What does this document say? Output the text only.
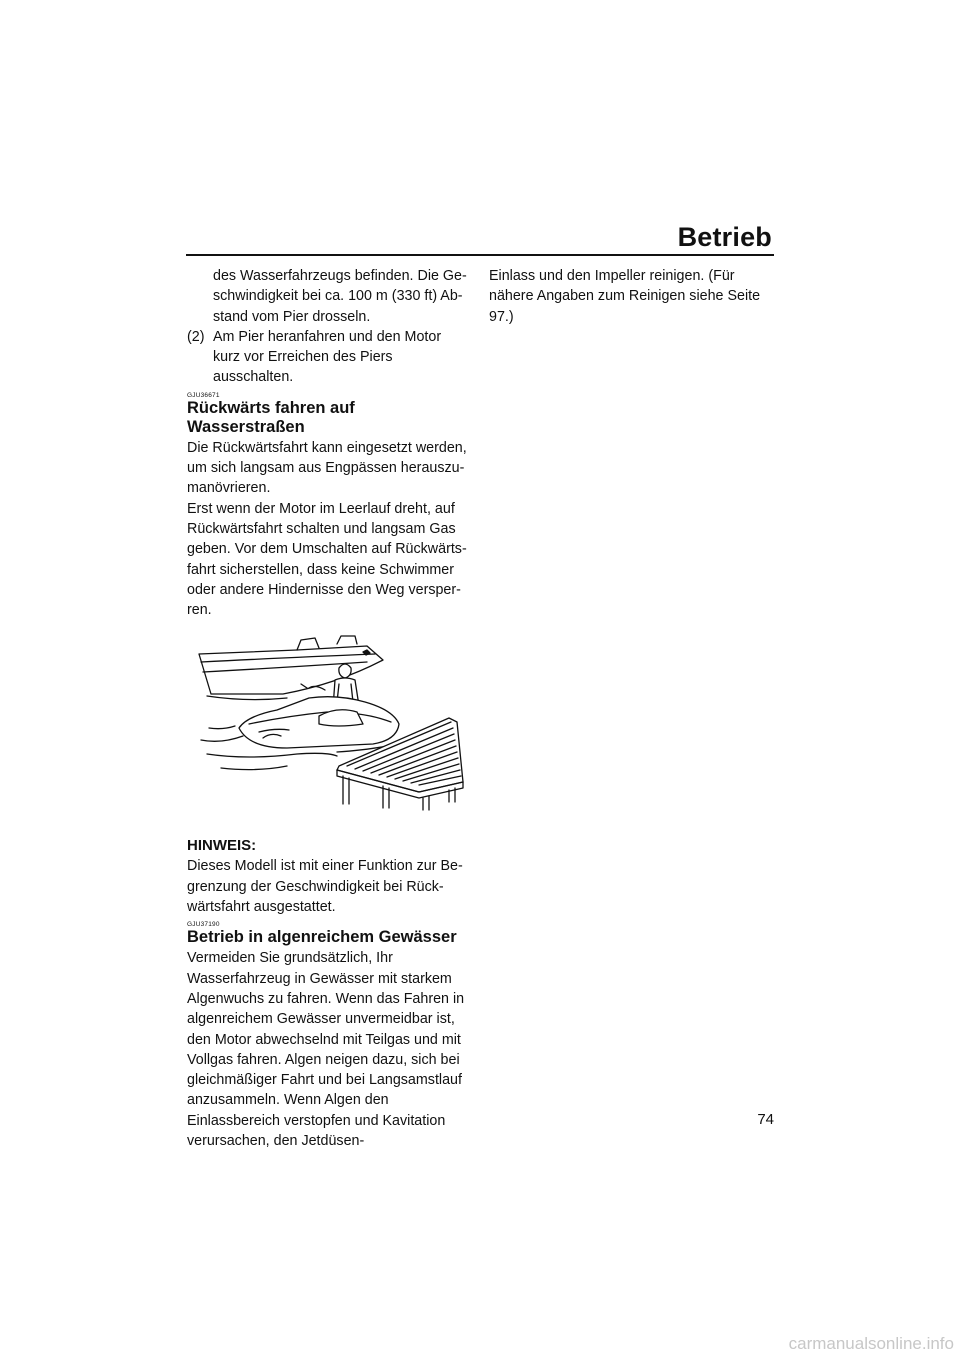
Betrieb

des Wasserfahrzeugs befinden. Die Geschwindigkeit bei ca. 100 m (330 ft) Abstand vom Pier drosseln.

(2) Am Pier heranfahren und den Motor kurz vor Erreichen des Piers ausschalten.
GJU36671
Rückwärts fahren auf Wasserstraßen

Die Rückwärtsfahrt kann eingesetzt werden, um sich langsam aus Engpässen herauszumanövrieren.

Erst wenn der Motor im Leerlauf dreht, auf Rückwärtsfahrt schalten und langsam Gas geben. Vor dem Umschalten auf Rückwärtsfahrt sicherstellen, dass keine Schwimmer oder andere Hindernisse den Weg versperren.

HINWEIS:

Dieses Modell ist mit einer Funktion zur Begrenzung der Geschwindigkeit bei Rückwärtsfahrt ausgestattet.

GJU37190
Betrieb in algenreichem Gewässer

Vermeiden Sie grundsätzlich, Ihr Wasserfahrzeug in Gewässer mit starkem Algenwuchs zu fahren. Wenn das Fahren in algenreichem Gewässer unvermeidbar ist, den Motor abwechselnd mit Teilgas und mit Vollgas fahren. Algen neigen dazu, sich bei gleichmäßiger Fahrt und bei Langsamstlauf anzusammeln. Wenn Algen den Einlassbereich verstopfen und Kavitation verursachen, den Jetdüsen-

Einlass und den Impeller reinigen. (Für nähere Angaben zum Reinigen siehe Seite 97.)

74
carmanualsonline.info
